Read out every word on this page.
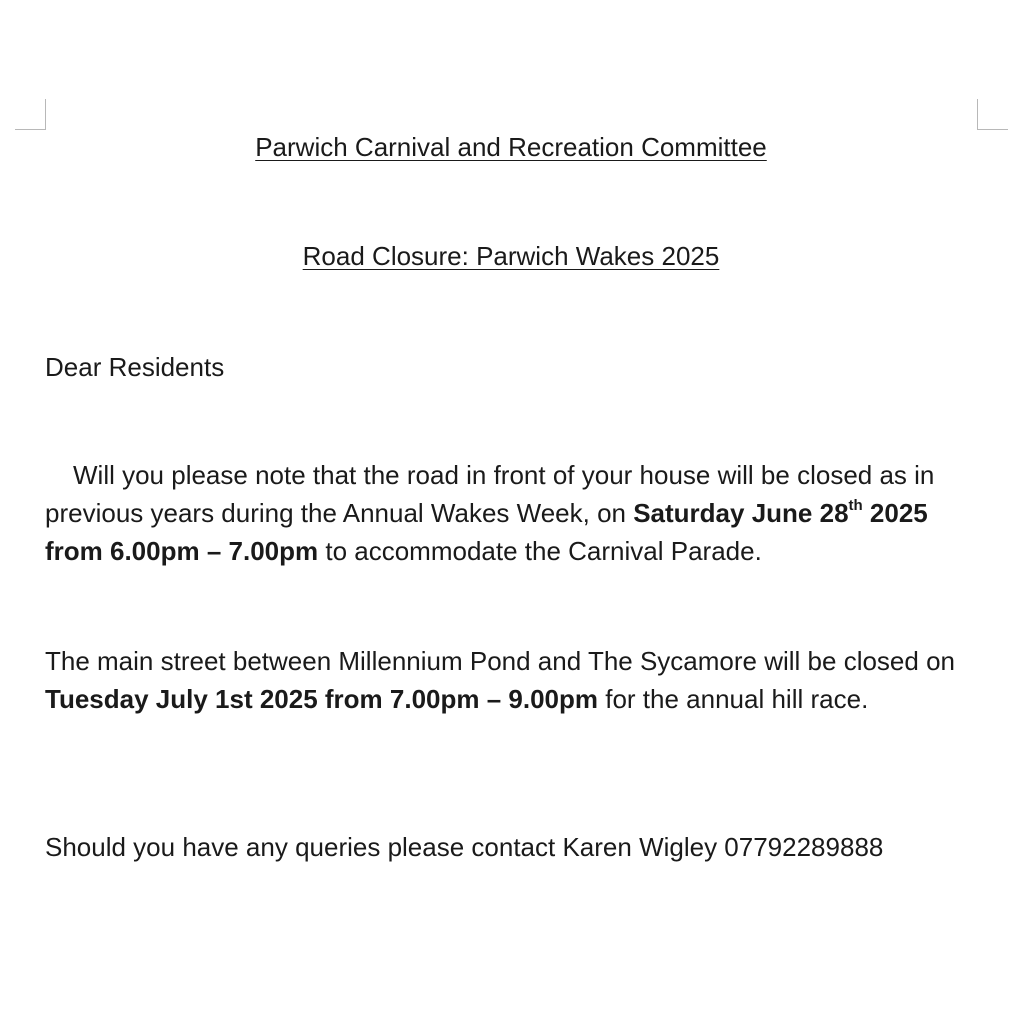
Parwich Carnival and Recreation Committee
Road Closure: Parwich Wakes 2025
Dear Residents
Will you please note that the road in front of your house will be closed as in previous years during the Annual Wakes Week, on Saturday June 28th 2025 from 6.00pm – 7.00pm to accommodate the Carnival Parade.
The main street between Millennium Pond and The Sycamore will be closed on Tuesday July 1st 2025 from 7.00pm – 9.00pm for the annual hill race.
Should you have any queries please contact Karen Wigley 07792289888
